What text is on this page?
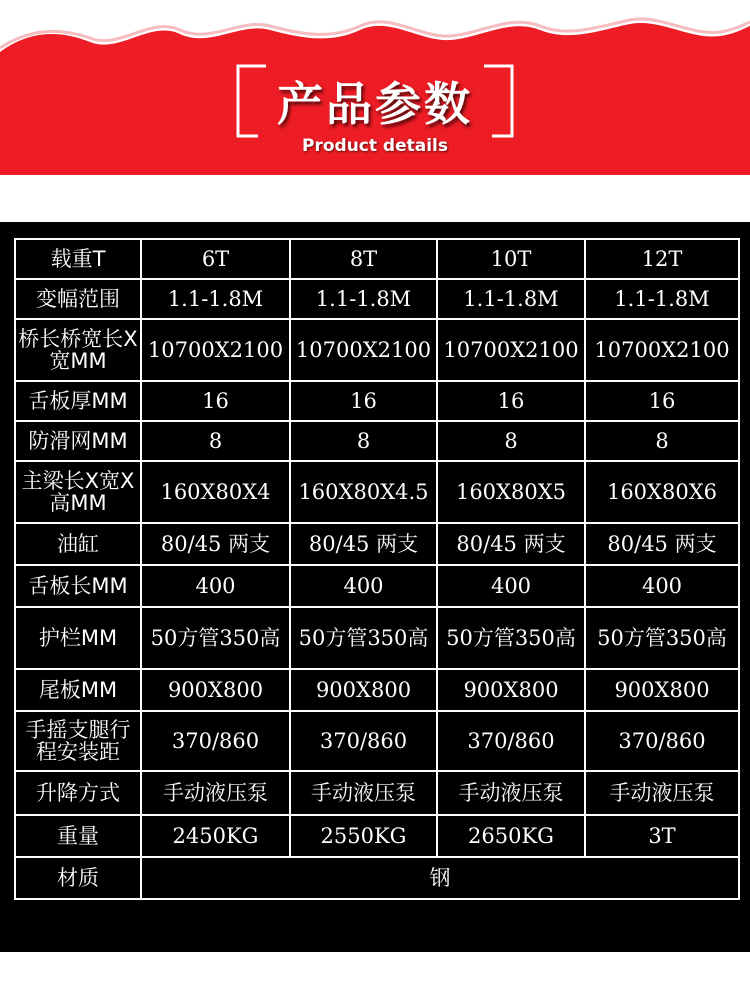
产品参数
Product details
载重T	6T	8T	10T	12T
变幅范围	1.1-1.8M	1.1-1.8M	1.1-1.8M	1.1-1.8M
桥长桥宽长X宽MM	10700X2100	10700X2100	10700X2100	10700X2100
舌板厚MM	16	16	16	16
防滑网MM	8	8	8	8
主梁长X宽X高MM	160X80X4	160X80X4.5	160X80X5	160X80X6
油缸	80/45 两支	80/45 两支	80/45 两支	80/45 两支
舌板长MM	400	400	400	400
护栏MM	50方管350高	50方管350高	50方管350高	50方管350高
尾板MM	900X800	900X800	900X800	900X800
手摇支腿行程安装距	370/860	370/860	370/860	370/860
升降方式	手动液压泵	手动液压泵	手动液压泵	手动液压泵
重量	2450KG	2550KG	2650KG	3T
材质	钢			
